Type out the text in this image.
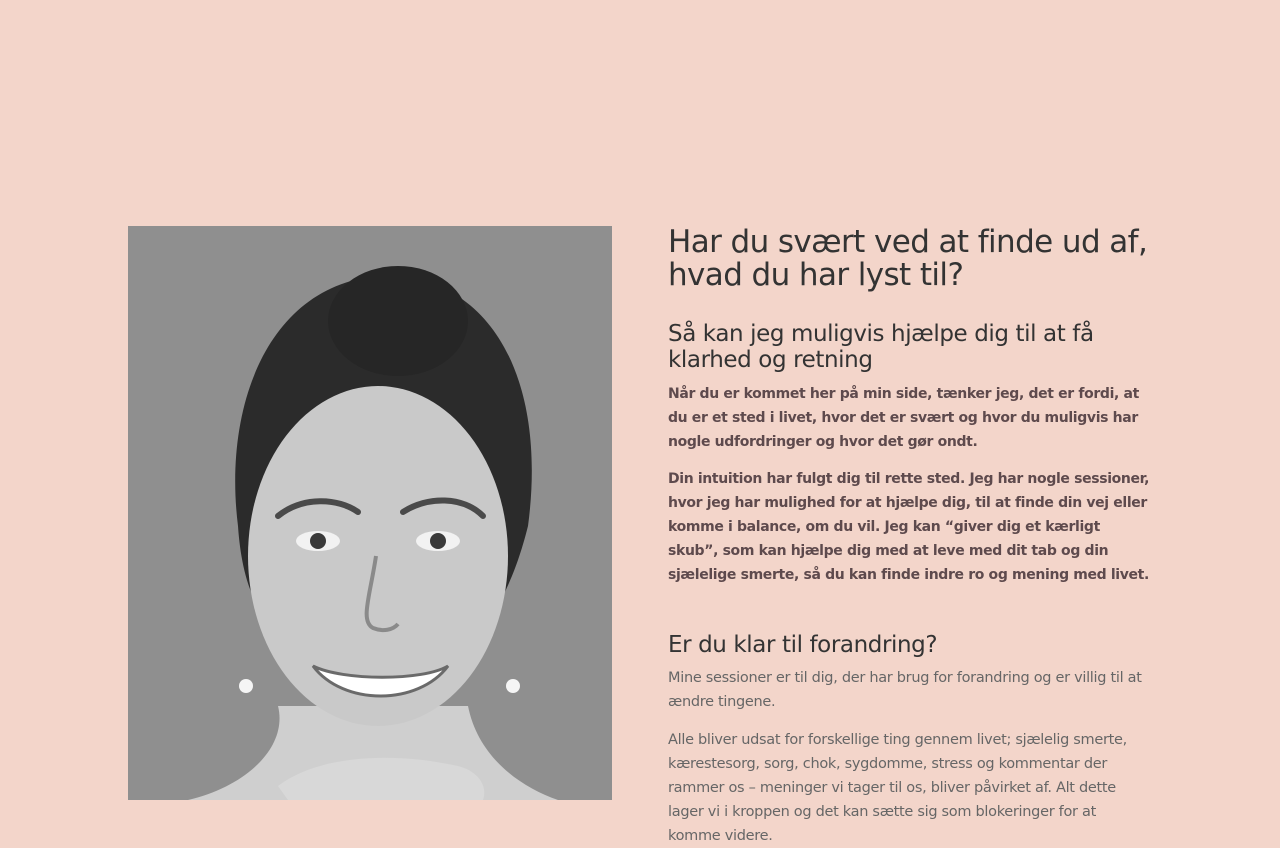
Har du svært ved at finde ud af, hvad du har lyst til?
Så kan jeg muligvis hjælpe dig til at få klarhed og retning

Når du er kommet her på min side, tænker jeg, det er fordi, at du er et sted i livet, hvor det er svært og hvor du muligvis har nogle udfordringer og hvor det gør ondt.

Din intuition har fulgt dig til rette sted. Jeg har nogle sessioner, hvor jeg har mulighed for at hjælpe dig, til at finde din vej eller komme i balance, om du vil. Jeg kan “giver dig et kærligt skub”, som kan hjælpe dig med at leve med dit tab og din sjælelige smerte, så du kan finde indre ro og mening med livet.

Er du klar til forandring?

Mine sessioner er til dig, der har brug for forandring og er villig til at ændre tingene.

Alle bliver udsat for forskellige ting gennem livet; sjælelig smerte, kærestesorg, sorg, chok, sygdomme, stress og kommentar der rammer os – meninger vi tager til os, bliver påvirket af. Alt dette lager vi i kroppen og det kan sætte sig som blokeringer for at komme videre.
